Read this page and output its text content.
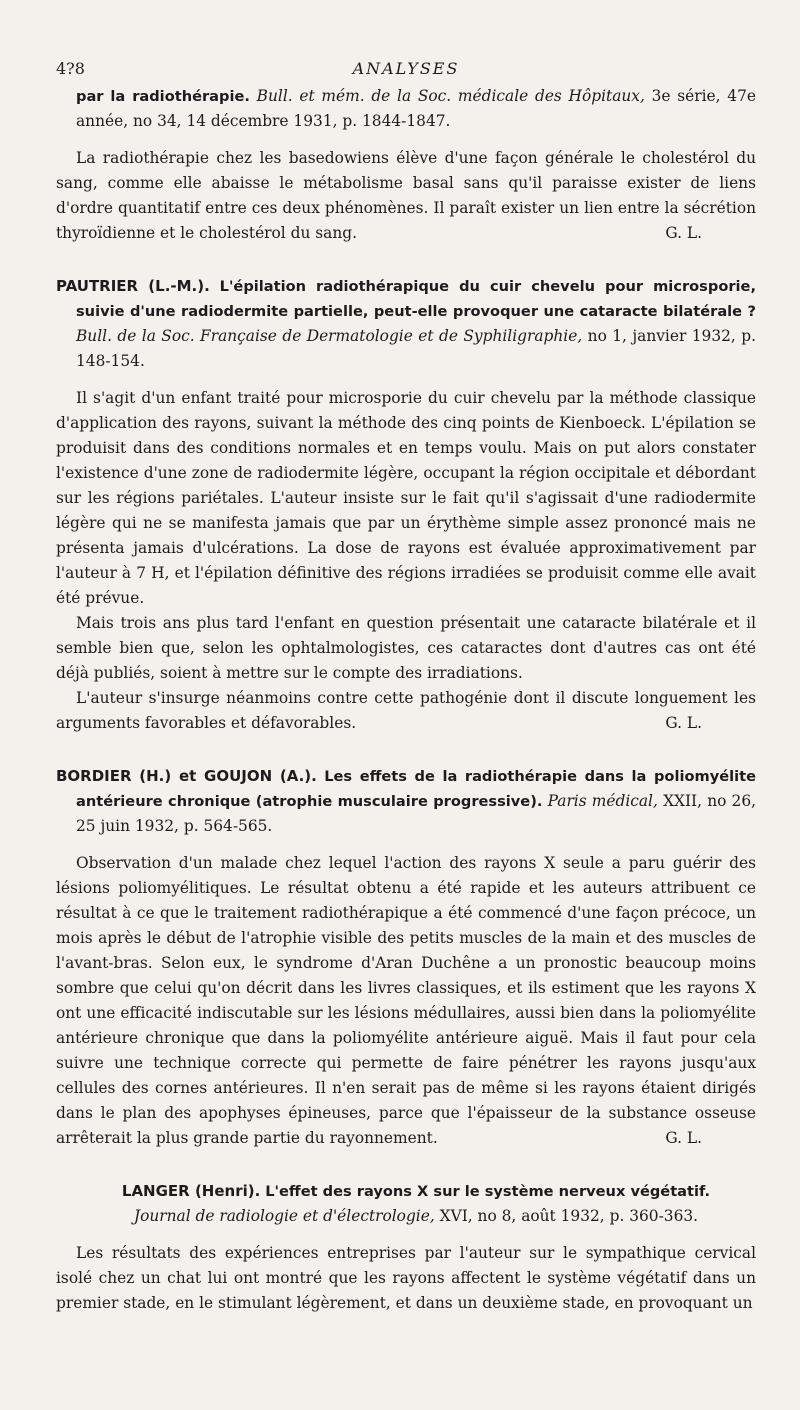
4?8	ANALYSES
par la radiothérapie. Bull. et mém. de la Soc. médicale des Hôpitaux, 3e série, 47e année, no 34, 14 décembre 1931, p. 1844-1847.

La radiothérapie chez les basedowiens élève d'une façon générale le cholestérol du sang, comme elle abaisse le métabolisme basal sans qu'il paraisse exister de liens d'ordre quantitatif entre ces deux phénomènes. Il paraît exister un lien entre la sécrétion thyroïdienne et le cholestérol du sang.	G. L.

PAUTRIER (L.-M.). L'épilation radiothérapique du cuir chevelu pour microsporie, suivie d'une radiodermite partielle, peut-elle provoquer une cataracte bilatérale ? Bull. de la Soc. Française de Dermatologie et de Syphiligraphie, no 1, janvier 1932, p. 148-154.

Il s'agit d'un enfant traité pour microsporie du cuir chevelu par la méthode classique d'application des rayons, suivant la méthode des cinq points de Kienboeck. L'épilation se produisit dans des conditions normales et en temps voulu. Mais on put alors constater l'existence d'une zone de radiodermite légère, occupant la région occipitale et débordant sur les régions pariétales. L'auteur insiste sur le fait qu'il s'agissait d'une radiodermite légère qui ne se manifesta jamais que par un érythème simple assez prononcé mais ne présenta jamais d'ulcérations. La dose de rayons est évaluée approximativement par l'auteur à 7 H, et l'épilation définitive des régions irradiées se produisit comme elle avait été prévue.

Mais trois ans plus tard l'enfant en question présentait une cataracte bilatérale et il semble bien que, selon les ophtalmologistes, ces cataractes dont d'autres cas ont été déjà publiés, soient à mettre sur le compte des irradiations.

L'auteur s'insurge néanmoins contre cette pathogénie dont il discute longuement les arguments favorables et défavorables.	G. L.

BORDIER (H.) et GOUJON (A.). Les effets de la radiothérapie dans la poliomyélite antérieure chronique (atrophie musculaire progressive). Paris médical, XXII, no 26, 25 juin 1932, p. 564-565.

Observation d'un malade chez lequel l'action des rayons X seule a paru guérir des lésions poliomyélitiques. Le résultat obtenu a été rapide et les auteurs attribuent ce résultat à ce que le traitement radiothérapique a été commencé d'une façon précoce, un mois après le début de l'atrophie visible des petits muscles de la main et des muscles de l'avant-bras. Selon eux, le syndrome d'Aran Duchêne a un pronostic beaucoup moins sombre que celui qu'on décrit dans les livres classiques, et ils estiment que les rayons X ont une efficacité indiscutable sur les lésions médullaires, aussi bien dans la poliomyélite antérieure chronique que dans la poliomyélite antérieure aiguë. Mais il faut pour cela suivre une technique correcte qui permette de faire pénétrer les rayons jusqu'aux cellules des cornes antérieures. Il n'en serait pas de même si les rayons étaient dirigés dans le plan des apophyses épineuses, parce que l'épaisseur de la substance osseuse arrêterait la plus grande partie du rayonnement.	G. L.

LANGER (Henri). L'effet des rayons X sur le système nerveux végétatif.
Journal de radiologie et d'électrologie, XVI, no 8, août 1932, p. 360-363.

Les résultats des expériences entreprises par l'auteur sur le sympathique cervical isolé chez un chat lui ont montré que les rayons affectent le système végétatif dans un premier stade, en le stimulant légèrement, et dans un deuxième stade, en provoquant un
